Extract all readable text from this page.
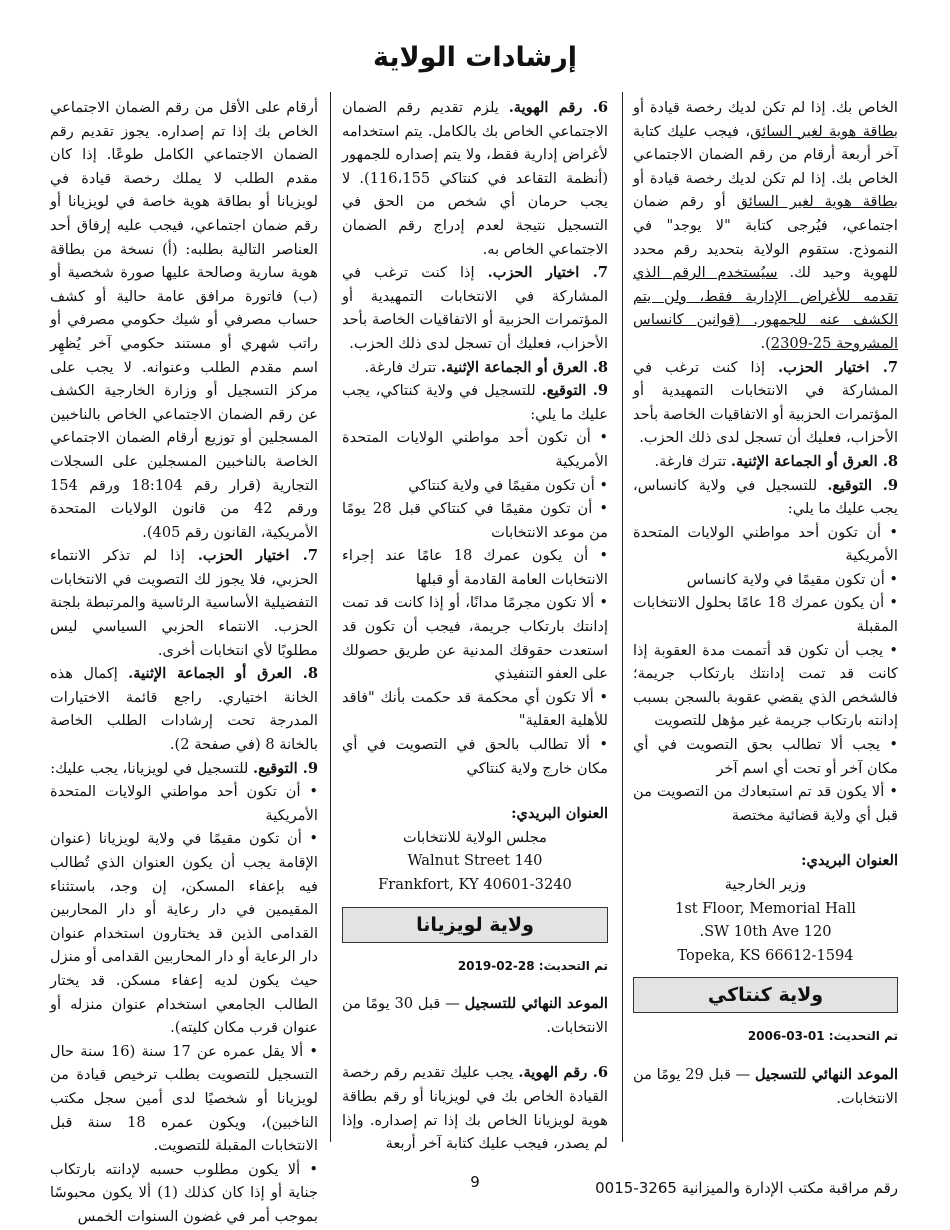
إرشادات الولاية

الخاص بك. إذا لم تكن لديك رخصة قيادة أو بطاقة هوية لغير السائق، فيجب عليك كتابة آخر أربعة أرقام من رقم الضمان الاجتماعي الخاص بك. إذا لم تكن لديك رخصة قيادة أو بطاقة هوية لغير السائق أو رقم ضمان اجتماعي، فيُرجى كتابة "لا يوجد" في النموذج. ستقوم الولاية بتحديد رقم محدد للهوية وحيد لك. سيُستخدم الرقم الذي تقدمه للأغراض الإدارية فقط، ولن يتم الكشف عنه للجمهور. (قوانين كانساس المشروحة 25-2309).

7. اختيار الحزب. إذا كنت ترغب في المشاركة في الانتخابات التمهيدية أو المؤتمرات الحزبية أو الاتفاقيات الخاصة بأحد الأحزاب، فعليك أن تسجل لدى ذلك الحزب.

8. العرق أو الجماعة الإثنية. تترك فارغة.

9. التوقيع. للتسجيل في ولاية كانساس، يجب عليك ما يلي:

• أن تكون أحد مواطني الولايات المتحدة الأمريكية

• أن تكون مقيمًا في ولاية كانساس

• أن يكون عمرك 18 عامًا بحلول الانتخابات المقبلة

• يجب أن تكون قد أتممت مدة العقوبة إذا كانت قد تمت إدانتك بارتكاب جريمة؛ فالشخص الذي يقضي عقوبة بالسجن بسبب إدانته بارتكاب جريمة غير مؤهل للتصويت

• يجب ألا تطالب بحق التصويت في أي مكان آخر أو تحت أي اسم آخر

• ألا يكون قد تم استبعادك من التصويت من قبل أي ولاية قضائية مختصة

العنوان البريدي:

وزير الخارجية

1st Floor, Memorial Hall

120 SW 10th Ave.

Topeka, KS 66612-1594

ولاية كنتاكي

تم التحديث: 01-03-2006

الموعد النهائي للتسجيل — قبل 29 يومًا من الانتخابات.

6. رقم الهوية. يلزم تقديم رقم الضمان الاجتماعي الخاص بك بالكامل. يتم استخدامه لأغراض إدارية فقط، ولا يتم إصداره للجمهور (أنظمة التقاعد في كنتاكي 116،155). لا يجب حرمان أي شخص من الحق في التسجيل نتيجة لعدم إدراج رقم الضمان الاجتماعي الخاص به.

7. اختيار الحزب. إذا كنت ترغب في المشاركة في الانتخابات التمهيدية أو المؤتمرات الحزبية أو الاتفاقيات الخاصة بأحد الأحزاب، فعليك أن تسجل لدى ذلك الحزب.

8. العرق أو الجماعة الإثنية. تترك فارغة.

9. التوقيع. للتسجيل في ولاية كنتاكي، يجب عليك ما يلي:

• أن تكون أحد مواطني الولايات المتحدة الأمريكية

• أن تكون مقيمًا في ولاية كنتاكي

• أن تكون مقيمًا في كنتاكي قبل 28 يومًا من موعد الانتخابات

• أن يكون عمرك 18 عامًا عند إجراء الانتخابات العامة القادمة أو قبلها

• ألا تكون مجرمًا مدانًا، أو إذا كانت قد تمت إدانتك بارتكاب جريمة، فيجب أن تكون قد استعدت حقوقك المدنية عن طريق حصولك على العفو التنفيذي

• ألا تكون أي محكمة قد حكمت بأنك "فاقد للأهلية العقلية"

• ألا تطالب بالحق في التصويت في أي مكان خارج ولاية كنتاكي

العنوان البريدي:

مجلس الولاية للانتخابات

140 Walnut Street

Frankfort, KY 40601-3240

ولاية لويزيانا

تم التحديث: 28-02-2019

الموعد النهائي للتسجيل — قبل 30 يومًا من الانتخابات.

6. رقم الهوية. يجب عليك تقديم رقم رخصة القيادة الخاص بك في لويزيانا أو رقم بطاقة هوية لويزيانا الخاص بك إذا تم إصداره. وإذا لم يصدر، فيجب عليك كتابة آخر أربعة

أرقام على الأقل من رقم الضمان الاجتماعي الخاص بك إذا تم إصداره. يجوز تقديم رقم الضمان الاجتماعي الكامل طوعًا. إذا كان مقدم الطلب لا يملك رخصة قيادة في لويزيانا أو بطاقة هوية خاصة في لويزيانا أو رقم ضمان اجتماعي، فيجب عليه إرفاق أحد العناصر التالية بطلبه: (أ) نسخة من بطاقة هوية سارية وصالحة عليها صورة شخصية أو (ب) فاتورة مرافق عامة حالية أو كشف حساب مصرفي أو شيك حكومي مصرفي أو راتب شهري أو مستند حكومي آخر يُظهِر اسم مقدم الطلب وعنوانه. لا يجب على مركز التسجيل أو وزارة الخارجية الكشف عن رقم الضمان الاجتماعي الخاص بالناخبين المسجلين أو توزيع أرقام الضمان الاجتماعي الخاصة بالناخبين المسجلين على السجلات التجارية (قرار رقم 18:104 ورقم 154 ورقم 42 من قانون الولايات المتحدة الأمريكية، القانون رقم 405).

7. اختيار الحزب. إذا لم تذكر الانتماء الحزبي، فلا يجوز لك التصويت في الانتخابات التفضيلية الأساسية الرئاسية والمرتبطة بلجنة الحزب. الانتماء الحزبي السياسي ليس مطلوبًا لأي انتخابات أخرى.

8. العرق أو الجماعة الإثنية. إكمال هذه الخانة اختياري. راجع قائمة الاختيارات المدرجة تحت إرشادات الطلب الخاصة بالخانة 8 (في صفحة 2).

9. التوقيع. للتسجيل في لويزيانا، يجب عليك:

• أن تكون أحد مواطني الولايات المتحدة الأمريكية

• أن تكون مقيمًا في ولاية لويزيانا (عنوان الإقامة يجب أن يكون العنوان الذي تُطالب فيه بإعفاء المسكن، إن وجد، باستثناء المقيمين في دار رعاية أو دار المحاربين القدامى الذين قد يختارون استخدام عنوان دار الرعاية أو دار المحاربين القدامى أو منزل حيث يكون لديه إعفاء مسكن. قد يختار الطالب الجامعي استخدام عنوان منزله أو عنوان قرب مكان كليته).

• ألا يقل عمره عن 17 سنة (16 سنة حال التسجيل للتصويت بطلب ترخيص قيادة من لويزيانا أو شخصيًا لدى أمين سجل مكتب الناخبين)، ويكون عمره 18 سنة قبل الانتخابات المقبلة للتصويت.

• ألا يكون مطلوب حسبه لإدانته بارتكاب جناية أو إذا كان كذلك (1) ألا يكون محبوسًا بموجب أمر في غضون السنوات الخمس

9	رقم مراقبة مكتب الإدارة والميزانية 3265-0015
